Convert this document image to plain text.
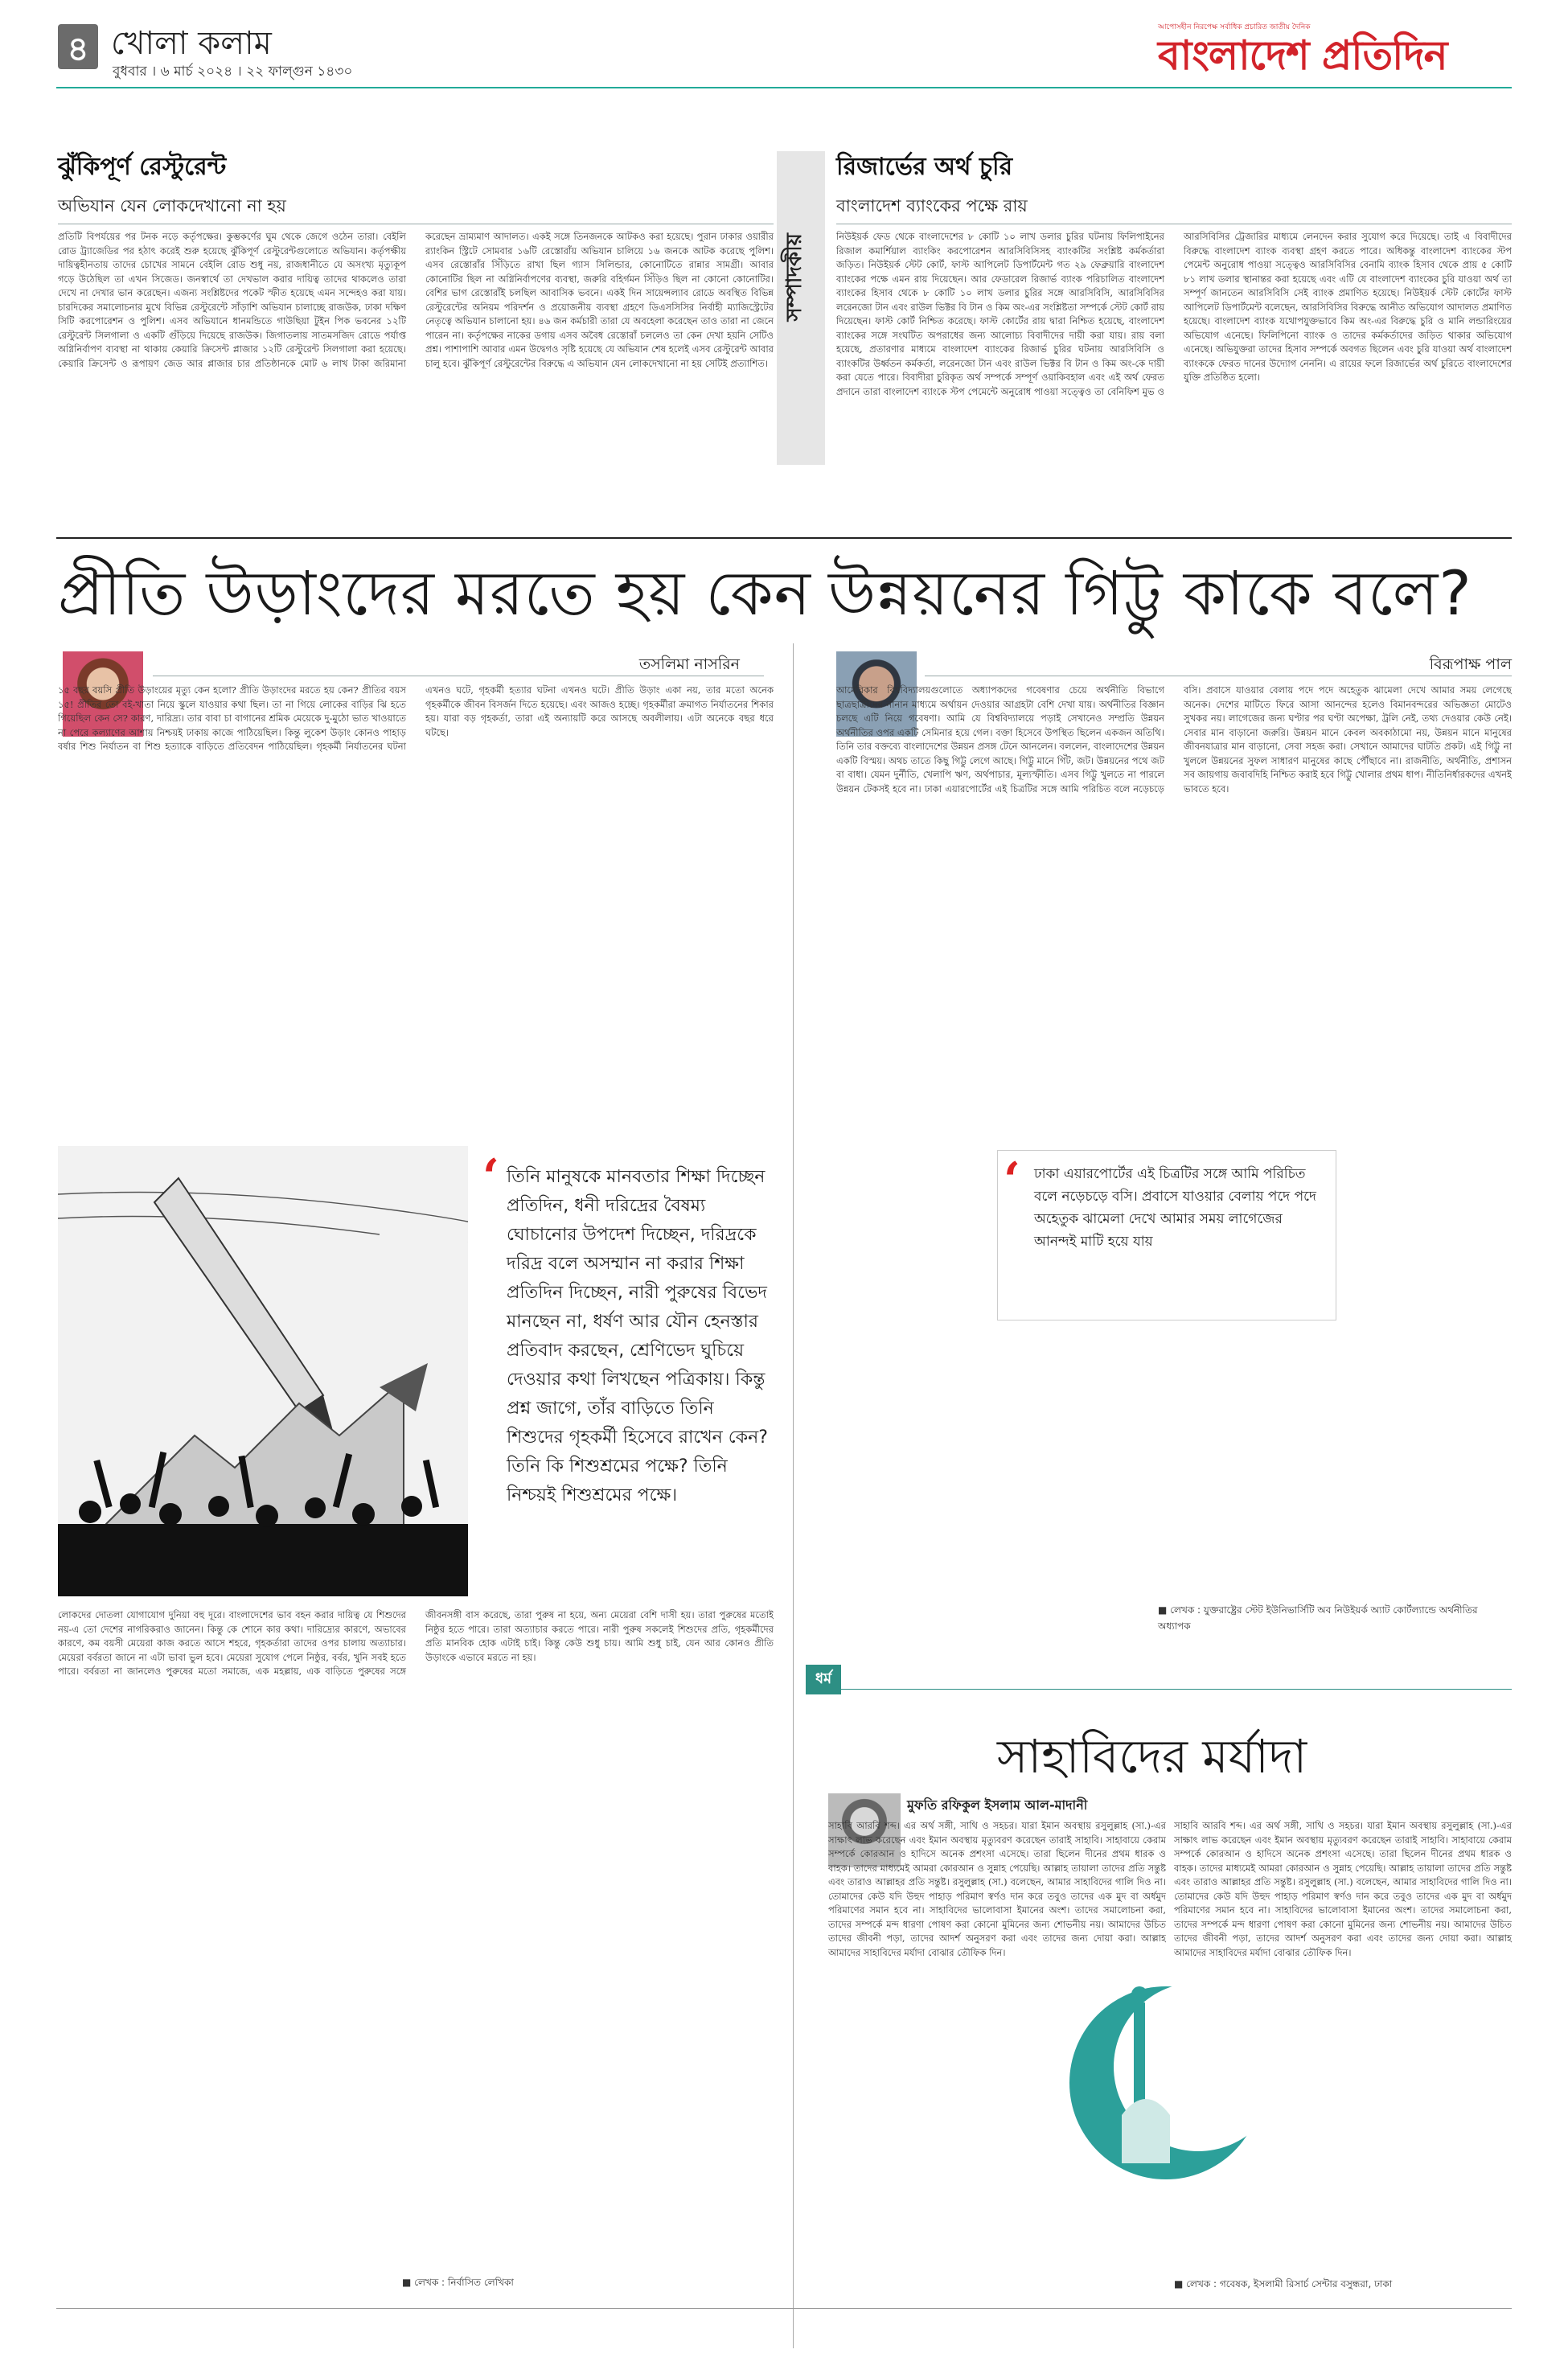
৪ খোলা কলাম
বুধবার । ৬ মার্চ ২০২৪ । ২২ ফাল্গুন ১৪৩০
আপোসহীন নিরপেক্ষ সর্বাধিক প্রচারিত জাতীয় দৈনিক
বাংলাদেশ প্রতিদিন
ঝুঁকিপূর্ণ রেস্টুরেন্ট
অভিযান যেন লোকদেখানো না হয়
প্রতিটি বিপর্যয়ের পর টনক নড়ে কর্তৃপক্ষের। কুম্ভকর্ণের ঘুম থেকে জেগে ওঠেন তারা। বেইলি রোড ট্র্যাজেডির পর হঠাৎ করেই শুরু হয়েছে ঝুঁকিপূর্ণ রেস্টুরেন্টগুলোতে অভিযান। কর্তৃপক্ষীয় দায়িত্বহীনতায় তাদের চোখের সামনে বেইলি রোড শুধু নয়, রাজধানীতে যে অসংখ্য মৃত্যুকূপ গড়ে উঠেছিল তা এখন সিজেড। জনস্বার্থে তা দেখভাল করার দায়িত্ব তাদের থাকলেও তারা দেখে না দেখার ভান করেছেন। এজন্য সংশ্লিষ্টদের পকেট স্ফীত হয়েছে এমন সন্দেহও করা যায়। চারদিকের সমালোচনার মুখে বিভিন্ন রেস্টুরেন্টে সাঁড়াশি অভিযান চালাচ্ছে রাজউক, ঢাকা দক্ষিণ সিটি করপোরেশন ও পুলিশ। এসব অভিযানে ধানমন্ডিতে গাউছিয়া টুইন পিক ভবনের ১২টি রেস্টুরেন্ট সিলগালা ও একটি গুঁড়িয়ে দিয়েছে রাজউক। জিগাতলায় সাতমসজিদ রোডে পর্যাপ্ত অগ্নিনির্বাপণ ব্যবস্থা না থাকায় কেয়ারি ক্রিসেন্ট প্লাজার ১২টি রেস্টুরেন্ট সিলগালা করা হয়েছে। কেয়ারি ক্রিসেন্ট ও রূপায়ণ জেড আর প্লাজার চার প্রতিষ্ঠানকে মোট ৬ লাখ টাকা জরিমানা করেছেন ভ্রাম্যমাণ আদালত। একই সঙ্গে তিনজনকে আটকও করা হয়েছে। পুরান ঢাকার ওয়ারীর র‍্যাংকিন স্ট্রিটে সোমবার ১৬টি রেস্তোরাঁয় অভিযান চালিয়ে ১৬ জনকে আটক করেছে পুলিশ। এসব রেস্তোরাঁর সিঁড়িতে রাখা ছিল গ্যাস সিলিন্ডার, কোনোটিতে রান্নার সামগ্রী। আবার কোনোটির ছিল না অগ্নিনির্বাপণের ব্যবস্থা, জরুরি বহির্গমন সিঁড়িও ছিল না কোনো কোনোটির। বেশির ভাগ রেস্তোরাঁই চলছিল আবাসিক ভবনে। একই দিন সায়েন্সল্যাব রোডে অবস্থিত বিভিন্ন রেস্টুরেন্টের অনিয়ম পরিদর্শন ও প্রয়োজনীয় ব্যবস্থা গ্রহণে ডিএসসিসির নির্বাহী ম্যাজিস্ট্রেটের নেতৃত্বে অভিযান চালানো হয়। ৪৬ জন কর্মচারী তারা যে অবহেলা করেছেন তাও তারা না জেনে পারেন না। কর্তৃপক্ষের নাকের ডগায় এসব অবৈধ রেস্তোরাঁ চললেও তা কেন দেখা হয়নি সেটিও প্রশ্ন। পাশাপাশি আবার এমন উদ্বেগও সৃষ্টি হয়েছে যে অভিযান শেষ হলেই এসব রেস্টুরেন্ট আবার চালু হবে। ঝুঁকিপূর্ণ রেস্টুরেন্টের বিরুদ্ধে এ অভিযান যেন লোকদেখানো না হয় সেটিই প্রত্যাশিত।
সম্পাদকীয়
রিজার্ভের অর্থ চুরি
বাংলাদেশ ব্যাংকের পক্ষে রায়
নিউইয়র্ক ফেড থেকে বাংলাদেশের ৮ কোটি ১০ লাখ ডলার চুরির ঘটনায় ফিলিপাইনের রিজাল কমার্শিয়াল ব্যাংকিং করপোরেশন আরসিবিসিসহ ব্যাংকটির সংশ্লিষ্ট কর্মকর্তারা জড়িত। নিউইয়র্ক স্টেট কোর্ট, ফাস্ট আপিলেট ডিপার্টমেন্ট গত ২৯ ফেব্রুয়ারি বাংলাদেশ ব্যাংকের পক্ষে এমন রায় দিয়েছেন। আর ফেডারেল রিজার্ভ ব্যাংক পরিচালিত বাংলাদেশ ব্যাংকের হিসাব থেকে ৮ কোটি ১০ লাখ ডলার চুরির সঙ্গে আরসিবিসি, আরসিবিসির লরেনজো টান এবং রাউল ভিক্টর বি টান ও কিম অং-এর সংশ্লিষ্টতা সম্পর্কে স্টেট কোর্ট রায় দিয়েছেন। ফাস্ট কোর্ট নিশ্চিত করেছে। ফাস্ট কোর্টের রায় দ্বারা নিশ্চিত হয়েছে, বাংলাদেশ ব্যাংকের সঙ্গে সংঘটিত অপরাধের জন্য আলোচ্য বিবাদীদের দায়ী করা যায়। রায় বলা হয়েছে, প্রতারণার মাধ্যমে বাংলাদেশ ব্যাংকের রিজার্ভ চুরির ঘটনায় আরসিবিসি ও ব্যাংকটির উর্ধ্বতন কর্মকর্তা, লরেনজো টান এবং রাউল ভিক্টর বি টান ও কিম অং-কে দায়ী করা যেতে পারে। বিবাদীরা চুরিকৃত অর্থ সম্পর্কে সম্পূর্ণ ওয়াকিবহাল এবং এই অর্থ ফেরত প্রদানে তারা বাংলাদেশ ব্যাংকে স্টপ পেমেন্টে অনুরোধ পাওয়া সত্ত্বেও তা বেনিফিশ মুভ ও আরসিবিসির ট্রেজারির মাধ্যমে লেনদেন করার সুযোগ করে দিয়েছে। তাই এ বিবাদীদের বিরুদ্ধে বাংলাদেশ ব্যাংক ব্যবস্থা গ্রহণ করতে পারে। অধিকন্তু বাংলাদেশ ব্যাংকের স্টপ পেমেন্ট অনুরোধ পাওয়া সত্ত্বেও আরসিবিসির বেনামি ব্যাংক হিসাব থেকে প্রায় ৫ কোটি ৮১ লাখ ডলার স্থানান্তর করা হয়েছে এবং এটি যে বাংলাদেশ ব্যাংকের চুরি যাওয়া অর্থ তা সম্পূর্ণ জানতেন আরসিবিসি সেই ব্যাংক প্রমাণিত হয়েছে। নিউইয়র্ক স্টেট কোর্টের ফাস্ট আপিলেট ডিপার্টমেন্ট বলেছেন, আরসিবিসির বিরুদ্ধে আনীত অভিযোগ আদালত প্রমাণিত হয়েছে। বাংলাদেশ ব্যাংক যথোপযুক্তভাবে কিম অং-এর বিরুদ্ধে চুরি ও মানি লন্ডারিংয়ের অভিযোগ এনেছে। ফিলিপিনো ব্যাংক ও তাদের কর্মকর্তাদের জড়িত থাকার অভিযোগ এনেছে। অভিযুক্তরা তাদের হিসাব সম্পর্কে অবগত ছিলেন এবং চুরি যাওয়া অর্থ বাংলাদেশ ব্যাংককে ফেরত দানের উদ্যোগ নেননি। এ রায়ের ফলে রিজার্ভের অর্থ চুরিতে বাংলাদেশের যুক্তি প্রতিষ্ঠিত হলো।
প্রীতি উড়াংদের মরতে হয় কেন উন্নয়নের গিট্টু কাকে বলে?
তসলিমা নাসরিন
১৫ বছর বয়সি প্রীতি উড়াংয়ের মৃত্যু কেন হলো? প্রীতি উড়াংদের মরতে হয় কেন? প্রীতির বয়স ১৫! প্রীতির তো বই-খাতা নিয়ে স্কুলে যাওয়ার কথা ছিল। তা না গিয়ে লোকের বাড়ির ঝি হতে গিয়েছিল কেন সে? কারণ, দারিদ্র্য। তার বাবা চা বাগানের শ্রমিক মেয়েকে দু-মুঠো ভাত খাওয়াতে না পেরে কল্যাণের আশায় নিশ্চয়ই ঢাকায় কাজে পাঠিয়েছিল। কিন্তু লুকেশ উড়াং কোনও পাহাড় বর্ষার শিশু নির্যাতন বা শিশু হত্যাকে বাড়িতে প্রতিবেদন পাঠিয়েছিল। গৃহকর্মী নির্যাতনের ঘটনা এখনও ঘটে, গৃহকর্মী হত্যার ঘটনা এখনও ঘটে। প্রীতি উড়াং একা নয়, তার মতো অনেক গৃহকর্মীকে জীবন বিসর্জন দিতে হয়েছে। এবং আজও হচ্ছে। গৃহকর্মীরা ক্রমাগত নির্যাতনের শিকার হয়। যারা বড় গৃহকর্তা, তারা এই অন্যায়টি করে আসছে অবলীলায়। এটা অনেকে বছর ধরে ঘটছে।
‘ তিনি মানুষকে মানবতার শিক্ষা দিচ্ছেন প্রতিদিন, ধনী দরিদ্রের বৈষম্য ঘোচানোর উপদেশ দিচ্ছেন, দরিদ্রকে দরিদ্র বলে অসম্মান না করার শিক্ষা প্রতিদিন দিচ্ছেন, নারী পুরুষের বিভেদ মানছেন না, ধর্ষণ আর যৌন হেনস্তার প্রতিবাদ করছেন, শ্রেণিভেদ ঘুচিয়ে দেওয়ার কথা লিখছেন পত্রিকায়। কিন্তু প্রশ্ন জাগে, তাঁর বাড়িতে তিনি শিশুদের গৃহকর্মী হিসেবে রাখেন কেন? তিনি কি শিশুশ্রমের পক্ষে? তিনি নিশ্চয়ই শিশুশ্রমের পক্ষে।
লোকদের দোতলা যোগাযোগ দুনিয়া বহু দূরে। বাংলাদেশের ভাব বহন করার দায়িত্ব যে শিশুদের নয়-এ তো দেশের নাগরিকরাও জানেন। কিন্তু কে শোনে কার কথা। দারিদ্র্যের কারণে, অভাবের কারণে, কম বয়সী মেয়েরা কাজ করতে আসে শহরে, গৃহকর্তারা তাদের ওপর চালায় অত্যাচার। মেয়েরা বর্বরতা জানে না এটা ভাবা ভুল হবে। মেয়েরা সুযোগ পেলে নিষ্ঠুর, বর্বর, খুনি সবই হতে পারে। বর্বরতা না জানলেও পুরুষের মতো সমাজে, এক মহল্লায়, এক বাড়িতে পুরুষের সঙ্গে জীবনসঙ্গী বাস করেছে, তারা পুরুষ না হয়ে, অন্য মেয়েরা বেশি দাসী হয়। তারা পুরুষের মতোই নিষ্ঠুর হতে পারে। তারা অত্যাচার করতে পারে। নারী পুরুষ সকলেই শিশুদের প্রতি, গৃহকর্মীদের প্রতি মানবিক হোক এটাই চাই। কিন্তু কেউ শুধু চায়। আমি শুধু চাই, যেন আর কোনও প্রীতি উড়াংকে এভাবে মরতে না হয়।
■ লেখক : নির্বাসিত লেখিকা
বিরূপাক্ষ পাল
আমেরিকার বিশ্ববিদ্যালয়গুলোতে অধ্যাপকদের গবেষণার চেয়ে অর্থনীতি বিভাগে ছাত্রছাত্রীদের নানান মাধ্যমে অর্থায়ন দেওয়ার আগ্রহটা বেশি দেখা যায়। অর্থনীতির বিজ্ঞান চলছে এটি নিয়ে গবেষণা। আমি যে বিশ্ববিদ্যালয়ে পড়াই সেখানেও সম্প্রতি উন্নয়ন অর্থনীতির ওপর একটি সেমিনার হয়ে গেল। বক্তা হিসেবে উপস্থিত ছিলেন একজন অতিথি। তিনি তার বক্তব্যে বাংলাদেশের উন্নয়ন প্রসঙ্গ টেনে আনলেন। বললেন, বাংলাদেশের উন্নয়ন একটি বিস্ময়। অথচ তাতে কিছু গিট্টু লেগে আছে। গিট্টু মানে গিঁট, জট। উন্নয়নের পথে জট বা বাধা। যেমন দুর্নীতি, খেলাপি ঋণ, অর্থপাচার, মূল্যস্ফীতি। এসব গিট্টু খুলতে না পারলে উন্নয়ন টেকসই হবে না। ঢাকা এয়ারপোর্টের এই চিত্রটির সঙ্গে আমি পরিচিত বলে নড়েচড়ে বসি। প্রবাসে যাওয়ার বেলায় পদে পদে অহেতুক ঝামেলা দেখে আমার সময় লেগেছে অনেক। দেশের মাটিতে ফিরে আসা আনন্দের হলেও বিমানবন্দরের অভিজ্ঞতা মোটেও সুখকর নয়। লাগেজের জন্য ঘণ্টার পর ঘণ্টা অপেক্ষা, ট্রলি নেই, তথ্য দেওয়ার কেউ নেই। সেবার মান বাড়ানো জরুরি। উন্নয়ন মানে কেবল অবকাঠামো নয়, উন্নয়ন মানে মানুষের জীবনযাত্রার মান বাড়ানো, সেবা সহজ করা। সেখানে আমাদের ঘাটতি প্রকট। এই গিট্টু না খুললে উন্নয়নের সুফল সাধারণ মানুষের কাছে পৌঁছাবে না। রাজনীতি, অর্থনীতি, প্রশাসন সব জায়গায় জবাবদিহি নিশ্চিত করাই হবে গিট্টু খোলার প্রথম ধাপ। নীতিনির্ধারকদের এখনই ভাবতে হবে।
‘ ঢাকা এয়ারপোর্টের এই চিত্রটির সঙ্গে আমি পরিচিত বলে নড়েচড়ে বসি। প্রবাসে যাওয়ার বেলায় পদে পদে অহেতুক ঝামেলা দেখে আমার সময় লাগেজের আনন্দই মাটি হয়ে যায়
■ লেখক : যুক্তরাষ্ট্রের স্টেট ইউনিভার্সিটি অব নিউইয়র্ক অ্যাট কোর্টল্যান্ডে অর্থনীতির অধ্যাপক
ধর্ম
সাহাবিদের মর্যাদা
মুফতি রফিকুল ইসলাম আল-মাদানী
সাহাবি আরবি শব্দ। এর অর্থ সঙ্গী, সাথি ও সহচর। যারা ইমান অবস্থায় রসুলুল্লাহ (সা.)-এর সাক্ষাৎ লাভ করেছেন এবং ইমান অবস্থায় মৃত্যুবরণ করেছেন তারাই সাহাবি। সাহাবায়ে কেরাম সম্পর্কে কোরআন ও হাদিসে অনেক প্রশংসা এসেছে। তারা ছিলেন দীনের প্রথম ধারক ও বাহক। তাদের মাধ্যমেই আমরা কোরআন ও সুন্নাহ পেয়েছি। আল্লাহ তায়ালা তাদের প্রতি সন্তুষ্ট এবং তারাও আল্লাহর প্রতি সন্তুষ্ট। রসুলুল্লাহ (সা.) বলেছেন, আমার সাহাবিদের গালি দিও না। তোমাদের কেউ যদি উহুদ পাহাড় পরিমাণ স্বর্ণও দান করে তবুও তাদের এক মুদ বা অর্ধমুদ পরিমাণের সমান হবে না। সাহাবিদের ভালোবাসা ইমানের অংশ। তাদের সমালোচনা করা, তাদের সম্পর্কে মন্দ ধারণা পোষণ করা কোনো মুমিনের জন্য শোভনীয় নয়। আমাদের উচিত তাদের জীবনী পড়া, তাদের আদর্শ অনুসরণ করা এবং তাদের জন্য দোয়া করা। আল্লাহ আমাদের সাহাবিদের মর্যাদা বোঝার তৌফিক দিন।
সাহাবি আরবি শব্দ। এর অর্থ সঙ্গী, সাথি ও সহচর। যারা ইমান অবস্থায় রসুলুল্লাহ (সা.)-এর সাক্ষাৎ লাভ করেছেন এবং ইমান অবস্থায় মৃত্যুবরণ করেছেন তারাই সাহাবি। সাহাবায়ে কেরাম সম্পর্কে কোরআন ও হাদিসে অনেক প্রশংসা এসেছে। তারা ছিলেন দীনের প্রথম ধারক ও বাহক। তাদের মাধ্যমেই আমরা কোরআন ও সুন্নাহ পেয়েছি। আল্লাহ তায়ালা তাদের প্রতি সন্তুষ্ট এবং তারাও আল্লাহর প্রতি সন্তুষ্ট। রসুলুল্লাহ (সা.) বলেছেন, আমার সাহাবিদের গালি দিও না। তোমাদের কেউ যদি উহুদ পাহাড় পরিমাণ স্বর্ণও দান করে তবুও তাদের এক মুদ বা অর্ধমুদ পরিমাণের সমান হবে না। সাহাবিদের ভালোবাসা ইমানের অংশ। তাদের সমালোচনা করা, তাদের সম্পর্কে মন্দ ধারণা পোষণ করা কোনো মুমিনের জন্য শোভনীয় নয়। আমাদের উচিত তাদের জীবনী পড়া, তাদের আদর্শ অনুসরণ করা এবং তাদের জন্য দোয়া করা। আল্লাহ আমাদের সাহাবিদের মর্যাদা বোঝার তৌফিক দিন।
■ লেখক : গবেষক, ইসলামী রিসার্চ সেন্টার বসুন্ধরা, ঢাকা
